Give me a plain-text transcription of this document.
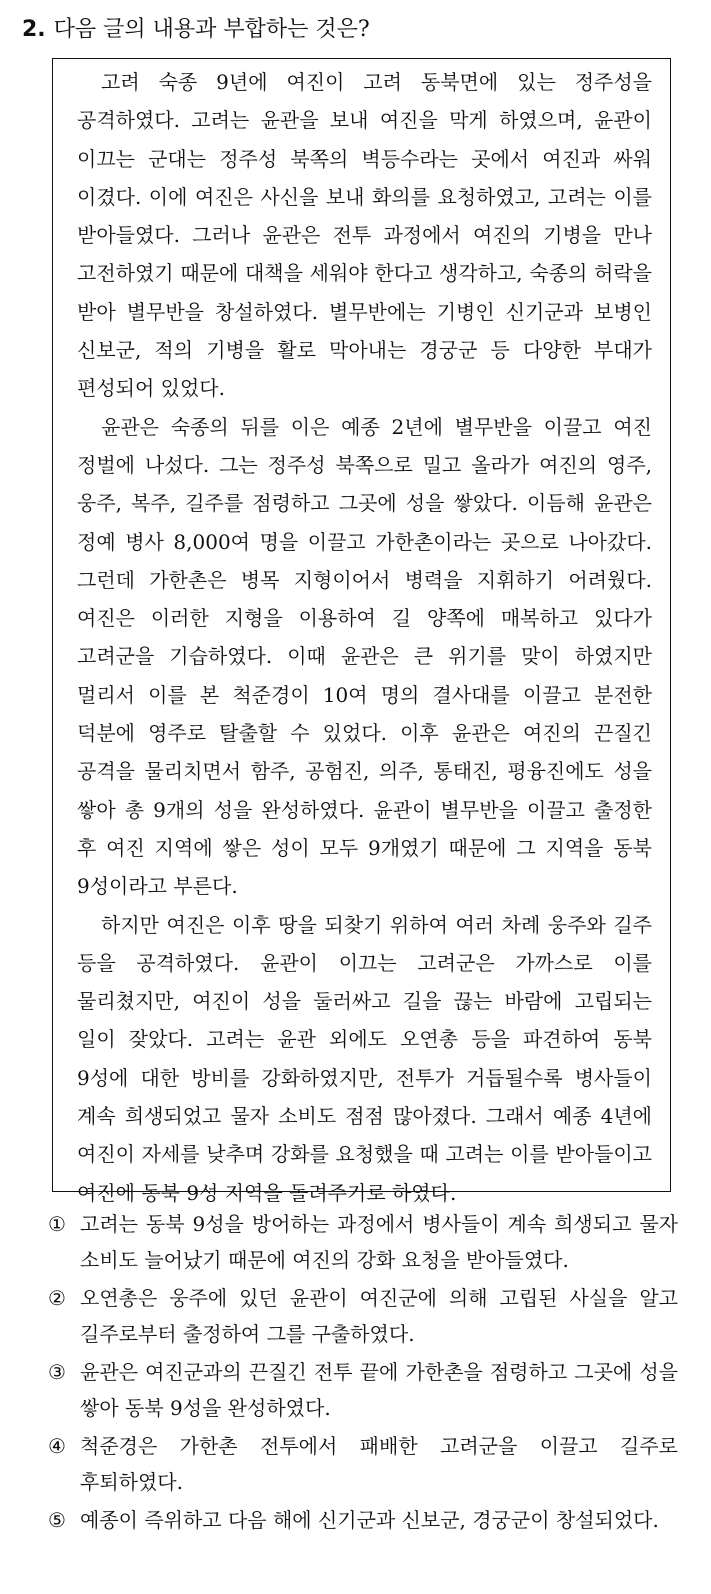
2. 다음 글의 내용과 부합하는 것은?

고려 숙종 9년에 여진이 고려 동북면에 있는 정주성을 공격하였다. 고려는 윤관을 보내 여진을 막게 하였으며, 윤관이 이끄는 군대는 정주성 북쪽의 벽등수라는 곳에서 여진과 싸워 이겼다. 이에 여진은 사신을 보내 화의를 요청하였고, 고려는 이를 받아들였다. 그러나 윤관은 전투 과정에서 여진의 기병을 만나 고전하였기 때문에 대책을 세워야 한다고 생각하고, 숙종의 허락을 받아 별무반을 창설하였다. 별무반에는 기병인 신기군과 보병인 신보군, 적의 기병을 활로 막아내는 경궁군 등 다양한 부대가 편성되어 있었다.

윤관은 숙종의 뒤를 이은 예종 2년에 별무반을 이끌고 여진 정벌에 나섰다. 그는 정주성 북쪽으로 밀고 올라가 여진의 영주, 웅주, 복주, 길주를 점령하고 그곳에 성을 쌓았다. 이듬해 윤관은 정예 병사 8,000여 명을 이끌고 가한촌이라는 곳으로 나아갔다. 그런데 가한촌은 병목 지형이어서 병력을 지휘하기 어려웠다. 여진은 이러한 지형을 이용하여 길 양쪽에 매복하고 있다가 고려군을 기습하였다. 이때 윤관은 큰 위기를 맞이 하였지만 멀리서 이를 본 척준경이 10여 명의 결사대를 이끌고 분전한 덕분에 영주로 탈출할 수 있었다. 이후 윤관은 여진의 끈질긴 공격을 물리치면서 함주, 공험진, 의주, 통태진, 평융진에도 성을 쌓아 총 9개의 성을 완성하였다. 윤관이 별무반을 이끌고 출정한 후 여진 지역에 쌓은 성이 모두 9개였기 때문에 그 지역을 동북 9성이라고 부른다.

하지만 여진은 이후 땅을 되찾기 위하여 여러 차례 웅주와 길주 등을 공격하였다. 윤관이 이끄는 고려군은 가까스로 이를 물리쳤지만, 여진이 성을 둘러싸고 길을 끊는 바람에 고립되는 일이 잦았다. 고려는 윤관 외에도 오연총 등을 파견하여 동북 9성에 대한 방비를 강화하였지만, 전투가 거듭될수록 병사들이 계속 희생되었고 물자 소비도 점점 많아졌다. 그래서 예종 4년에 여진이 자세를 낮추며 강화를 요청했을 때 고려는 이를 받아들이고 여진에 동북 9성 지역을 돌려주기로 하였다.

① 고려는 동북 9성을 방어하는 과정에서 병사들이 계속 희생되고 물자 소비도 늘어났기 때문에 여진의 강화 요청을 받아들였다.
② 오연총은 웅주에 있던 윤관이 여진군에 의해 고립된 사실을 알고 길주로부터 출정하여 그를 구출하였다.
③ 윤관은 여진군과의 끈질긴 전투 끝에 가한촌을 점령하고 그곳에 성을 쌓아 동북 9성을 완성하였다.
④ 척준경은 가한촌 전투에서 패배한 고려군을 이끌고 길주로 후퇴하였다.
⑤ 예종이 즉위하고 다음 해에 신기군과 신보군, 경궁군이 창설되었다.
